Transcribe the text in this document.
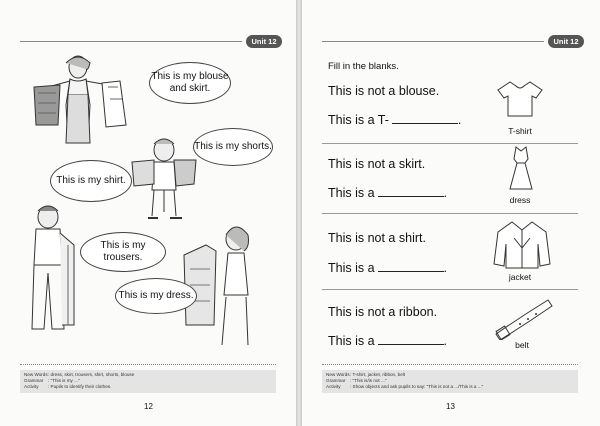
Unit 12
This is my blouse and skirt.
This is my shorts.
This is my shirt.
This is my trousers.
This is my dress.
New Words : dress, skirt, trousers, shirt, shorts, blouse
Grammar : "This is my ..."
Activity	: Pupils to identify their clothes.
12
Unit 12
Fill in the blanks.
This is not a blouse.
This is a T-	.
T-shirt
This is not a skirt.
This is a	.	dress
This is not a shirt.
This is a	.
jacket
This is not a ribbon.
This is a	.	belt
New Words : T-shirt, jacket, ribbon, belt
Grammar : "This is/is not ..."
Activity	: Show objects and ask pupils to say: "This is not a .../This is a ..."
13
